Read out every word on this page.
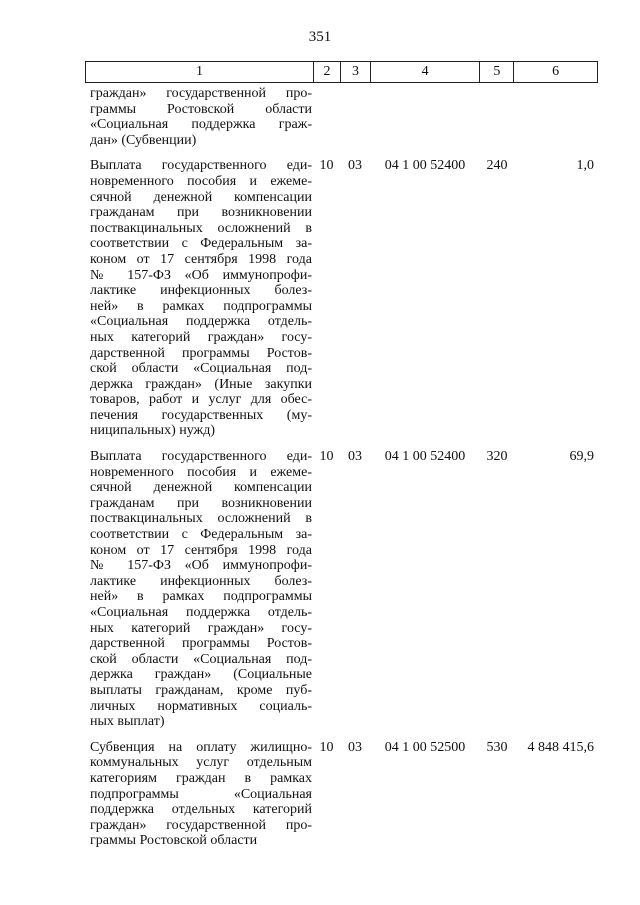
351
1	2	3	4	5	6
граждан» государственной про-
граммы Ростовской области
«Социальная поддержка граж-
дан» (Субвенции)
Выплата государственного еди-
новременного пособия и ежеме-
сячной денежной компенсации
гражданам при возникновении
поствакцинальных осложнений в
соответствии с Федеральным за-
коном от 17 сентября 1998 года
№ 157-ФЗ «Об иммунопрофи-
лактике инфекционных болез-
ней» в рамках подпрограммы
«Социальная поддержка отдель-
ных категорий граждан» госу-
дарственной программы Ростов-
ской области «Социальная под-
держка граждан» (Иные закупки
товаров, работ и услуг для обес-
печения государственных (му-
ниципальных) нужд)
10	03	04 1 00 52400	240	1,0
Выплата государственного еди-
новременного пособия и ежеме-
сячной денежной компенсации
гражданам при возникновении
поствакцинальных осложнений в
соответствии с Федеральным за-
коном от 17 сентября 1998 года
№ 157-ФЗ «Об иммунопрофи-
лактике инфекционных болез-
ней» в рамках подпрограммы
«Социальная поддержка отдель-
ных категорий граждан» госу-
дарственной программы Ростов-
ской области «Социальная под-
держка граждан» (Социальные
выплаты гражданам, кроме пуб-
личных нормативных социаль-
ных выплат)
10	03	04 1 00 52400	320	69,9
Субвенция на оплату жилищно-
коммунальных услуг отдельным
категориям граждан в рамках
подпрограммы «Социальная
поддержка отдельных категорий
граждан» государственной про-
граммы Ростовской области
10	03	04 1 00 52500	530	4 848 415,6
